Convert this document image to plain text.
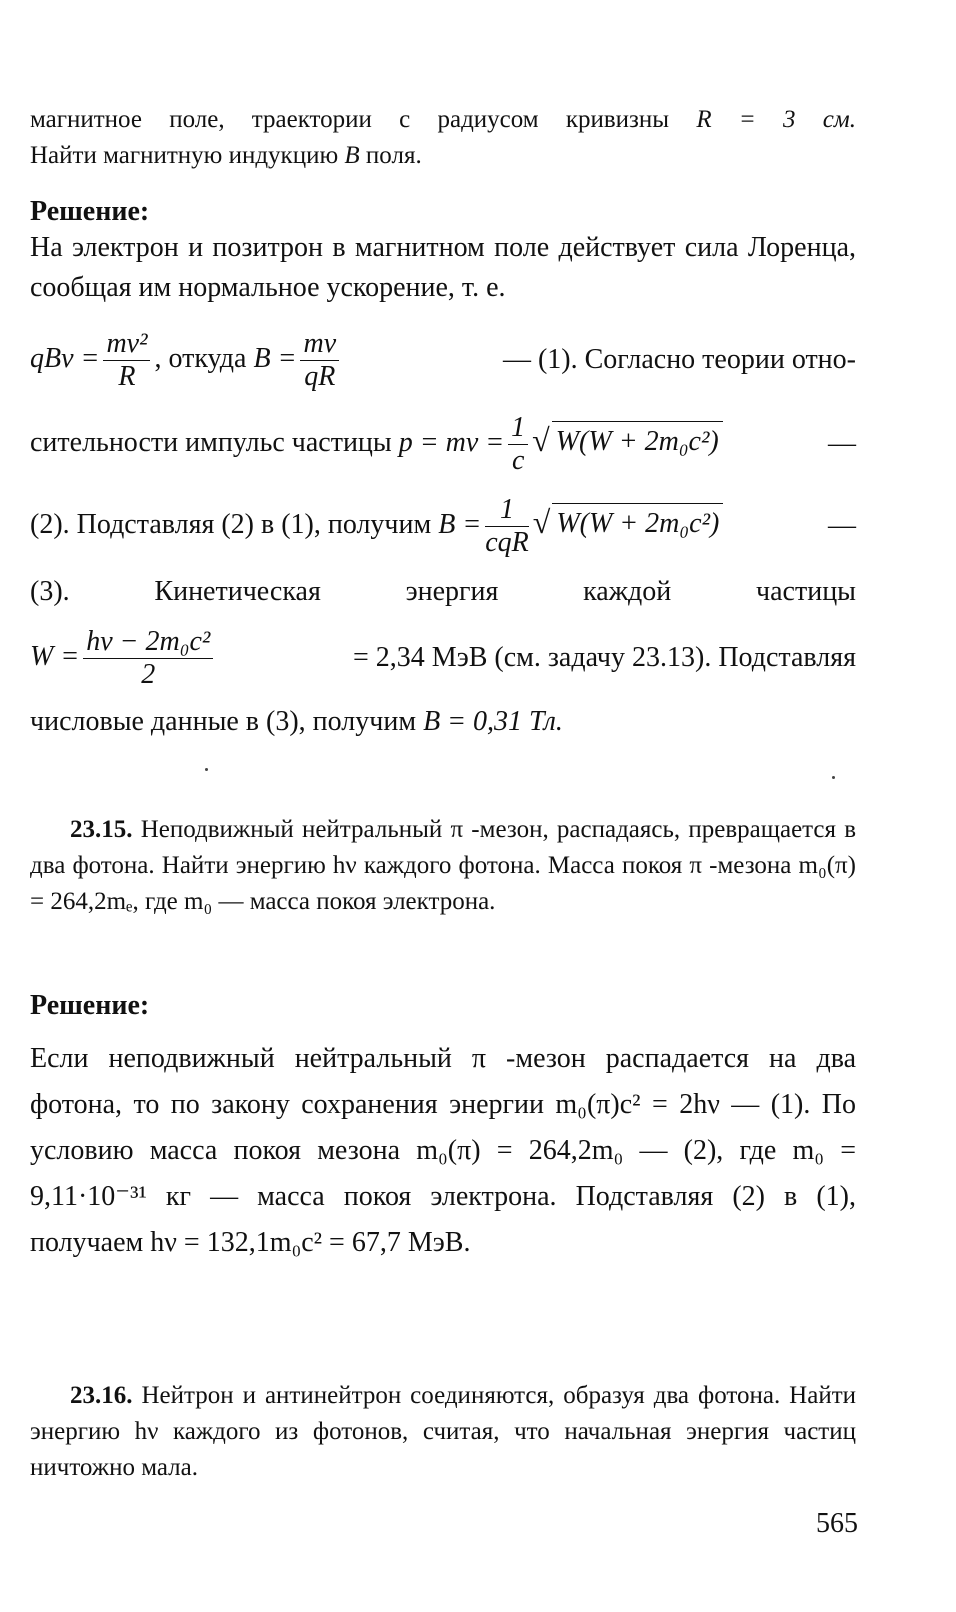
магнитное поле, траектории с радиусом кривизны R = 3 см.
Найти магнитную индукцию B поля.
Решение:
На электрон и позитрон в магнитном поле действует сила Лоренца, сообщая им нормальное ускорение, т. е.
qBv = $\frac{\text{mv²}}{R}$ , откуда $B = \frac{mv}{qR}$	— (1). Согласно теории отно-
сительности импульс частицы p = mv = $\frac{1}{c}$ √ W(W + 2m₀c²)	—
(2). Подставляя (2) в (1), получим $B = \frac{1}{\text{cqR}}$ √ W(W + 2m₀c²)	—
(3). Кинетическая энергия каждой частицы
$W = \frac{\text{hν − 2m₀c²}}{2}$	= 2,34 МэВ (см. задачу 23.13). Подставляя
числовые данные в (3), получим B = 0,31 Тл.
23.15. Неподвижный нейтральный π -мезон, распадаясь, превращается в два фотона. Найти энергию hν каждого фотона. Масса покоя π -мезона m₀(π) = 264,2mₑ, где m₀ — масса покоя электрона.
Решение:
Если неподвижный нейтральный π -мезон распадается на два фотона, то по закону сохранения энергии m₀(π)c² = 2hν — (1). По условию масса покоя мезона m₀(π) = 264,2m₀ — (2), где m₀ = 9,11·10⁻³¹ кг — масса покоя электрона. Подставляя (2) в (1), получаем hν = 132,1m₀c² = 67,7 МэВ.
23.16. Нейтрон и антинейтрон соединяются, образуя два фотона. Найти энергию hν каждого из фотонов, считая, что начальная энергия частиц ничтожно мала.
565
